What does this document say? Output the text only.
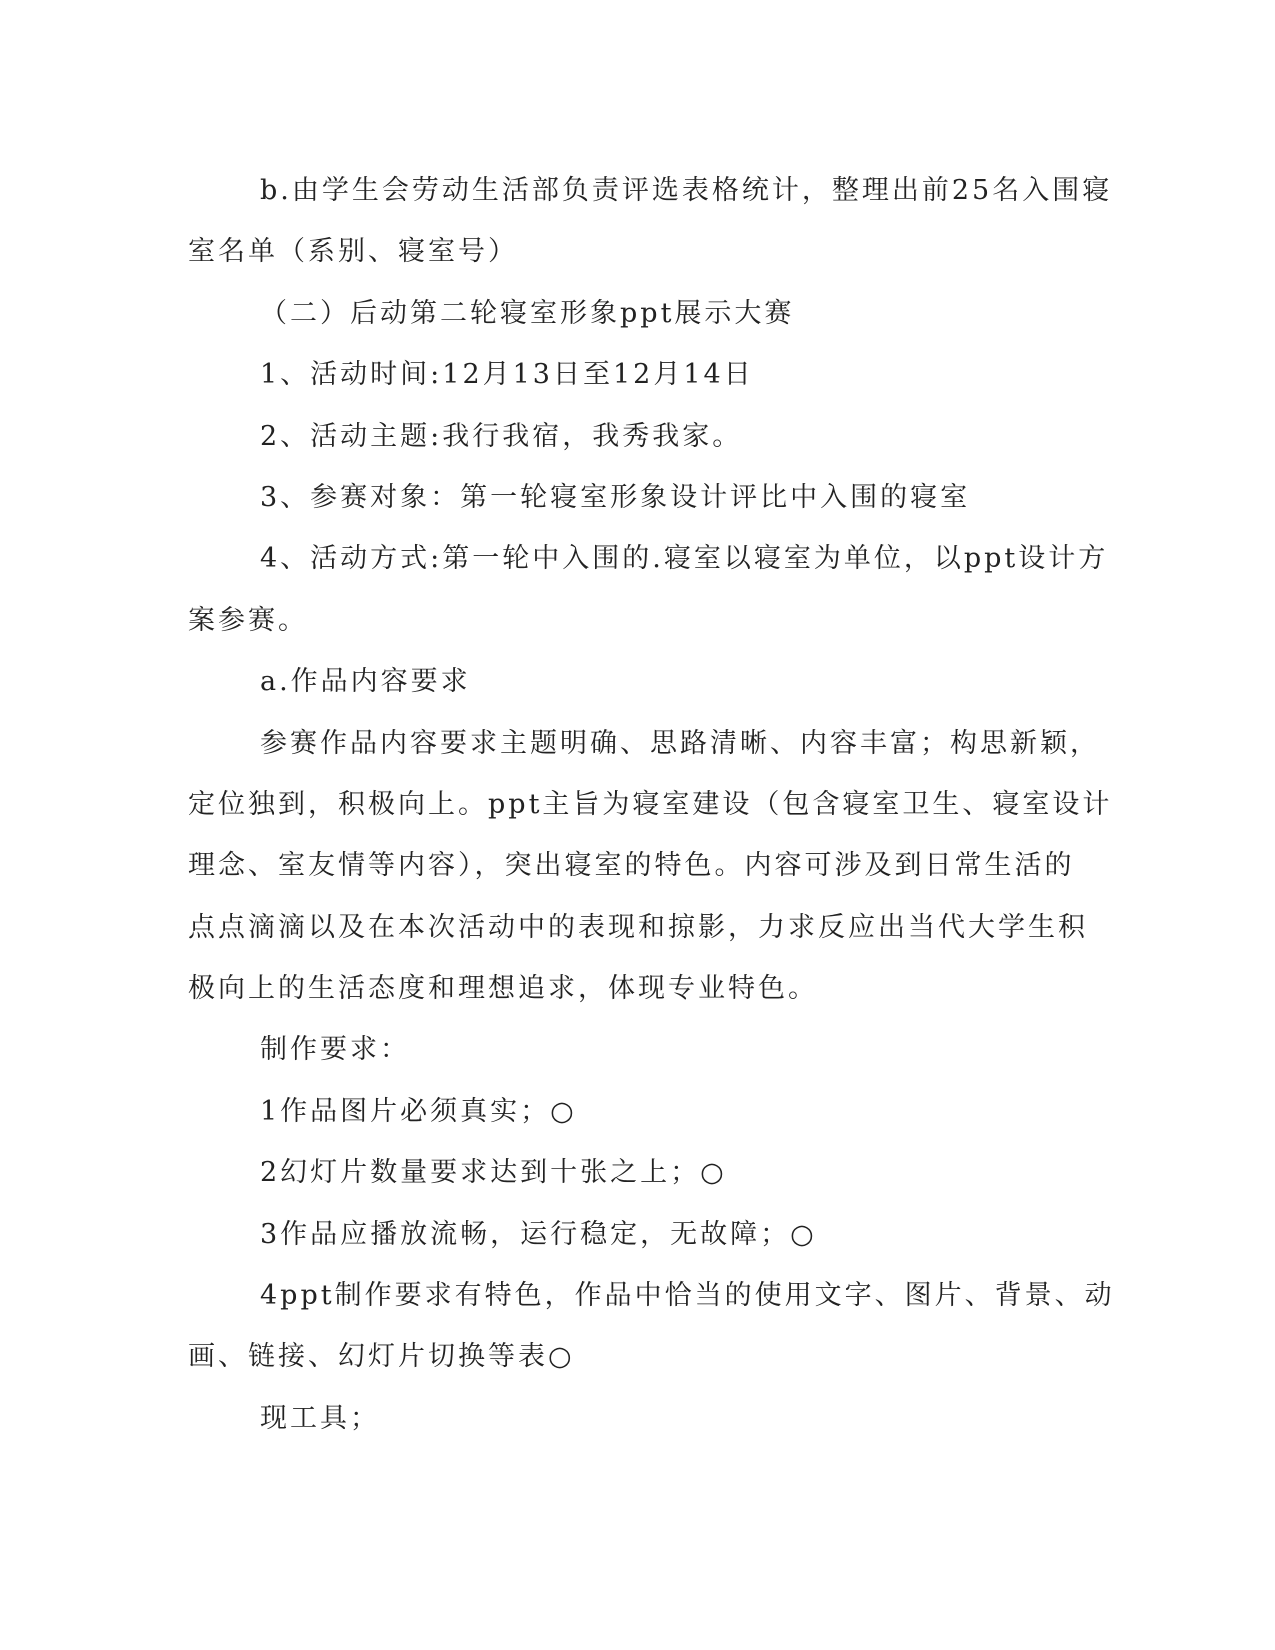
b.由学生会劳动生活部负责评选表格统计，整理出前25名入围寝
室名单（系别、寝室号）
（二）后动第二轮寝室形象ppt展示大赛
1、活动时间:12月13日至12月14日
2、活动主题:我行我宿，我秀我家。
3、参赛对象：第一轮寝室形象设计评比中入围的寝室
4、活动方式:第一轮中入围的.寝室以寝室为单位，以ppt设计方
案参赛。
a.作品内容要求
参赛作品内容要求主题明确、思路清晰、内容丰富；构思新颖，
定位独到，积极向上。ppt主旨为寝室建设（包含寝室卫生、寝室设计
理念、室友情等内容），突出寝室的特色。内容可涉及到日常生活的
点点滴滴以及在本次活动中的表现和掠影，力求反应出当代大学生积
极向上的生活态度和理想追求，体现专业特色。
制作要求：
1作品图片必须真实；○
2幻灯片数量要求达到十张之上；○
3作品应播放流畅，运行稳定，无故障；○
4ppt制作要求有特色，作品中恰当的使用文字、图片、背景、动
画、链接、幻灯片切换等表○
现工具；
